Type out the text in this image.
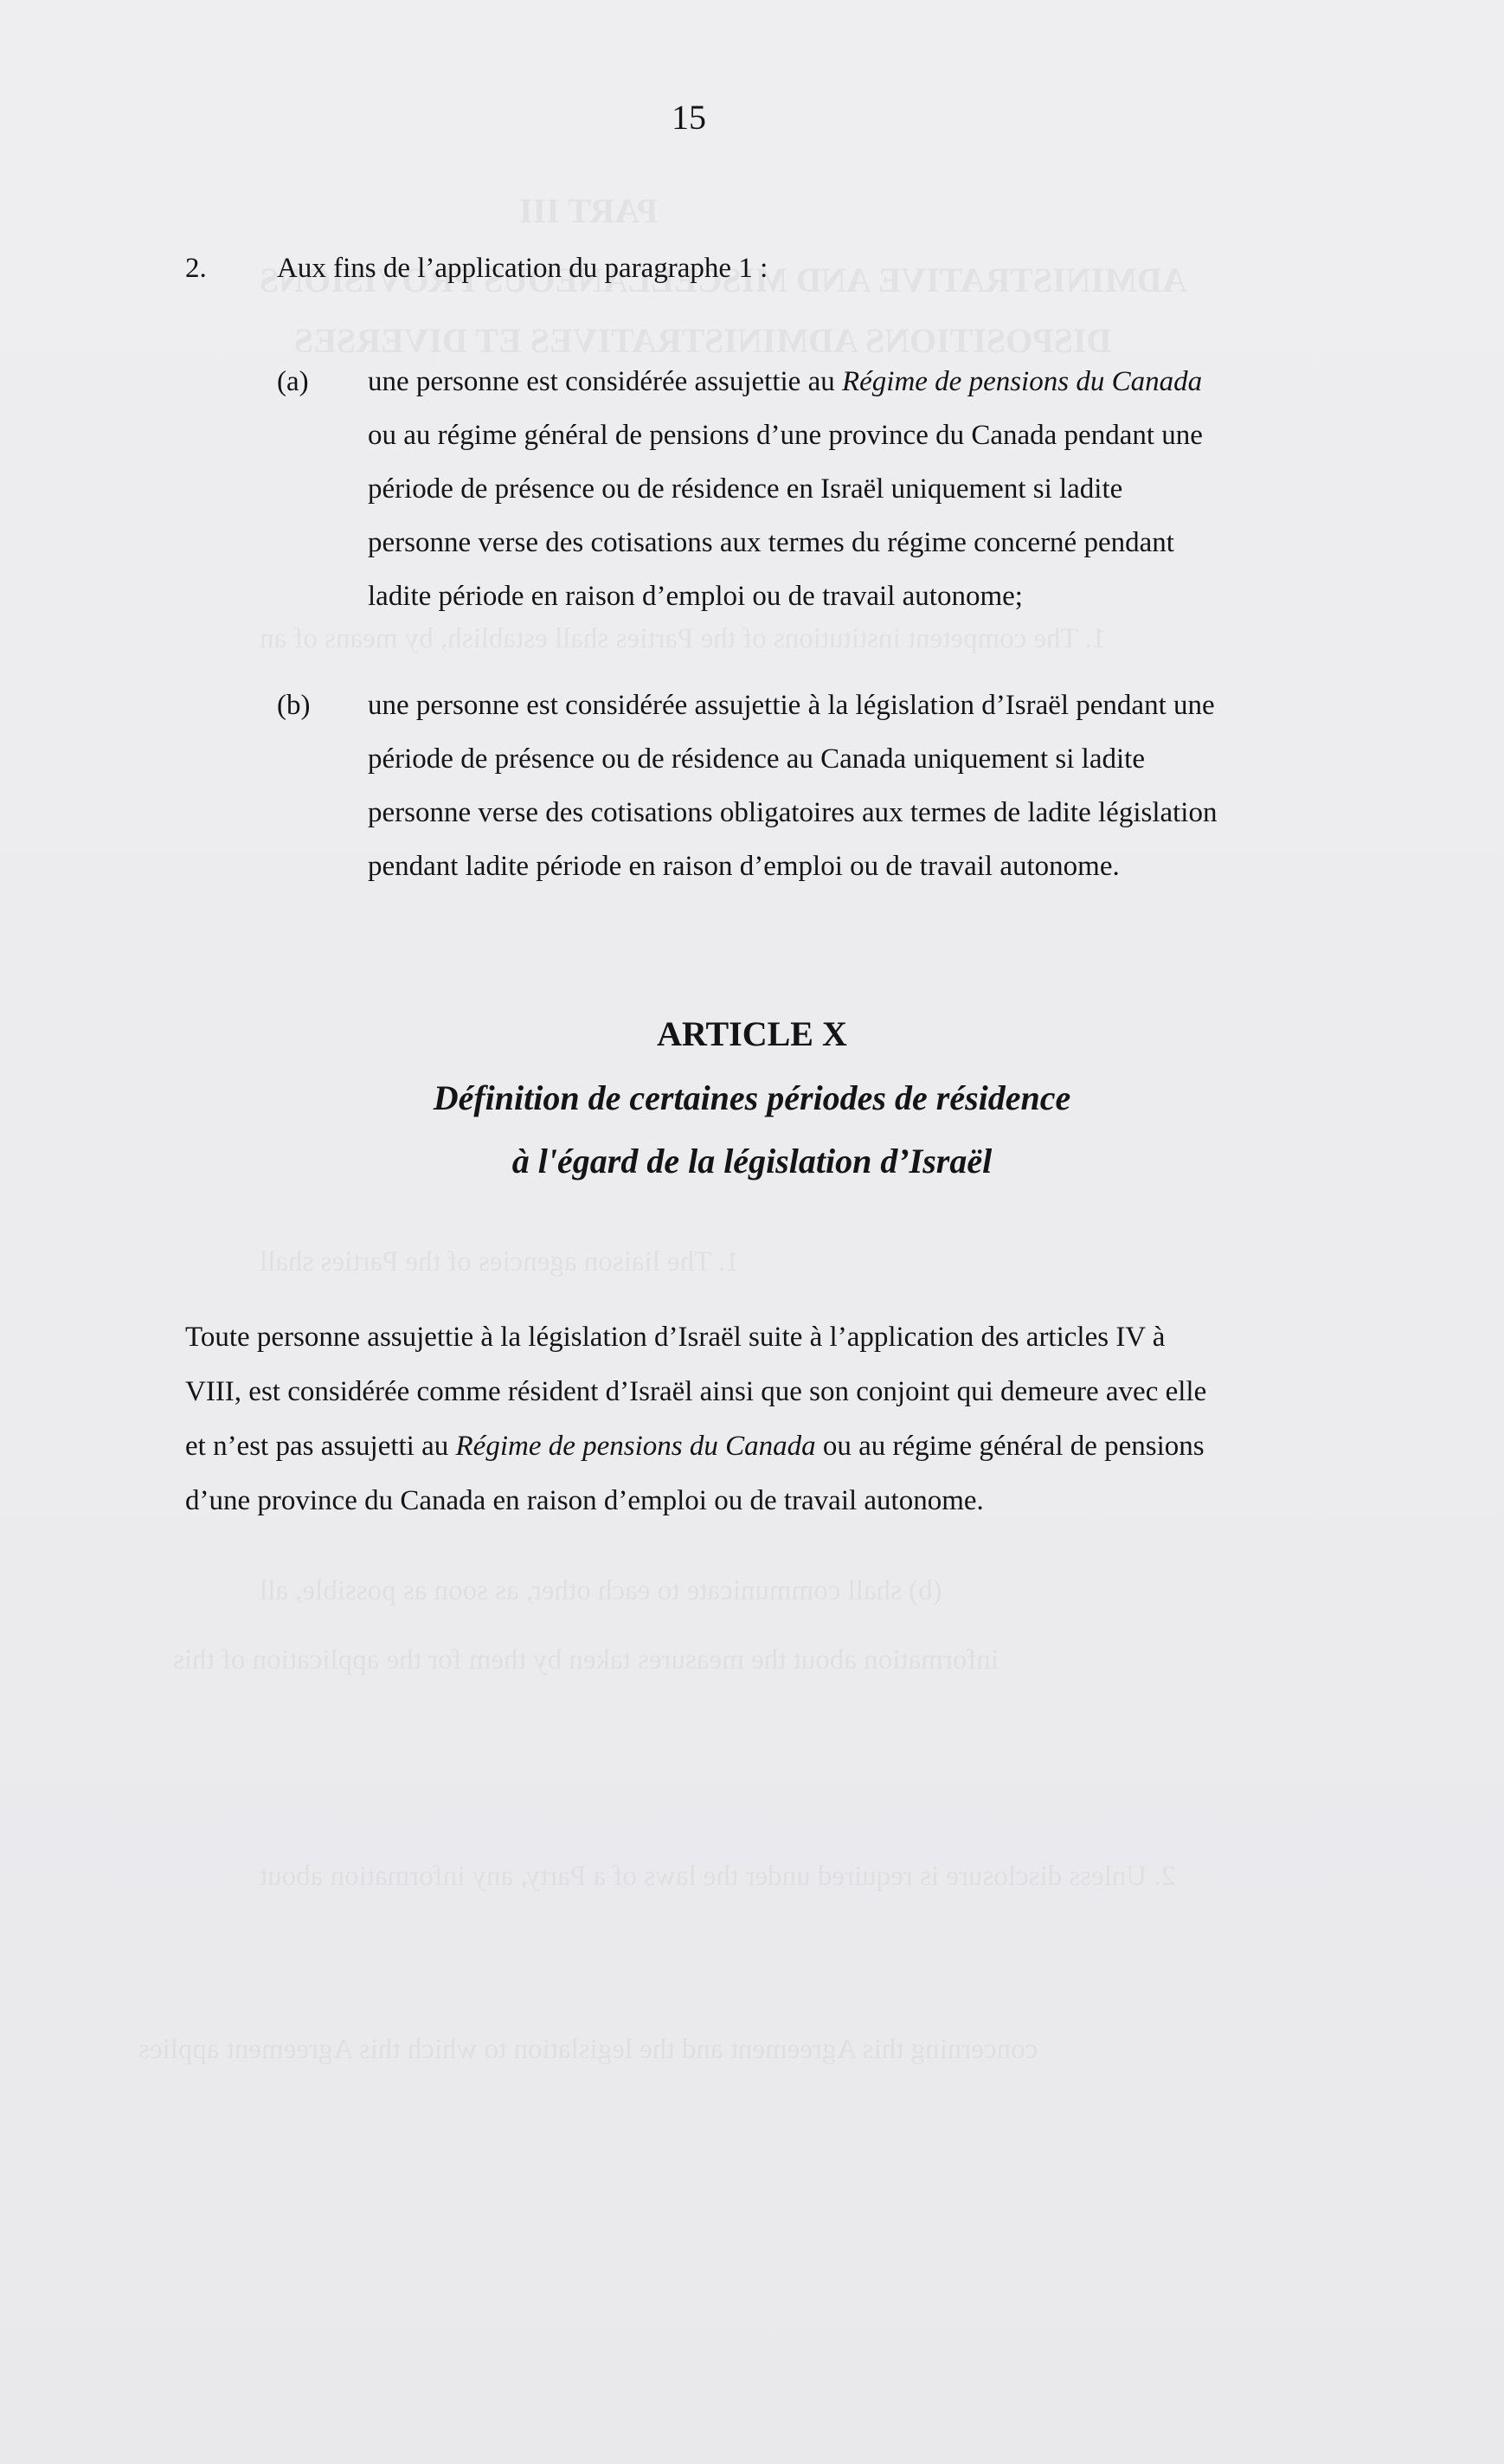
15
2. Aux fins de l’application du paragraphe 1 :
(a) une personne est considérée assujettie au Régime de pensions du Canada
ou au régime général de pensions d’une province du Canada pendant une
période de présence ou de résidence en Israël uniquement si ladite
personne verse des cotisations aux termes du régime concerné pendant
ladite période en raison d’emploi ou de travail autonome;
(b) une personne est considérée assujettie à la législation d’Israël pendant une
période de présence ou de résidence au Canada uniquement si ladite
personne verse des cotisations obligatoires aux termes de ladite législation
pendant ladite période en raison d’emploi ou de travail autonome.
ARTICLE X
Définition de certaines périodes de résidence
à l'égard de la législation d’Israël
Toute personne assujettie à la législation d’Israël suite à l’application des articles IV à
VIII, est considérée comme résident d’Israël ainsi que son conjoint qui demeure avec elle
et n’est pas assujetti au Régime de pensions du Canada ou au régime général de pensions
d’une province du Canada en raison d’emploi ou de travail autonome.
